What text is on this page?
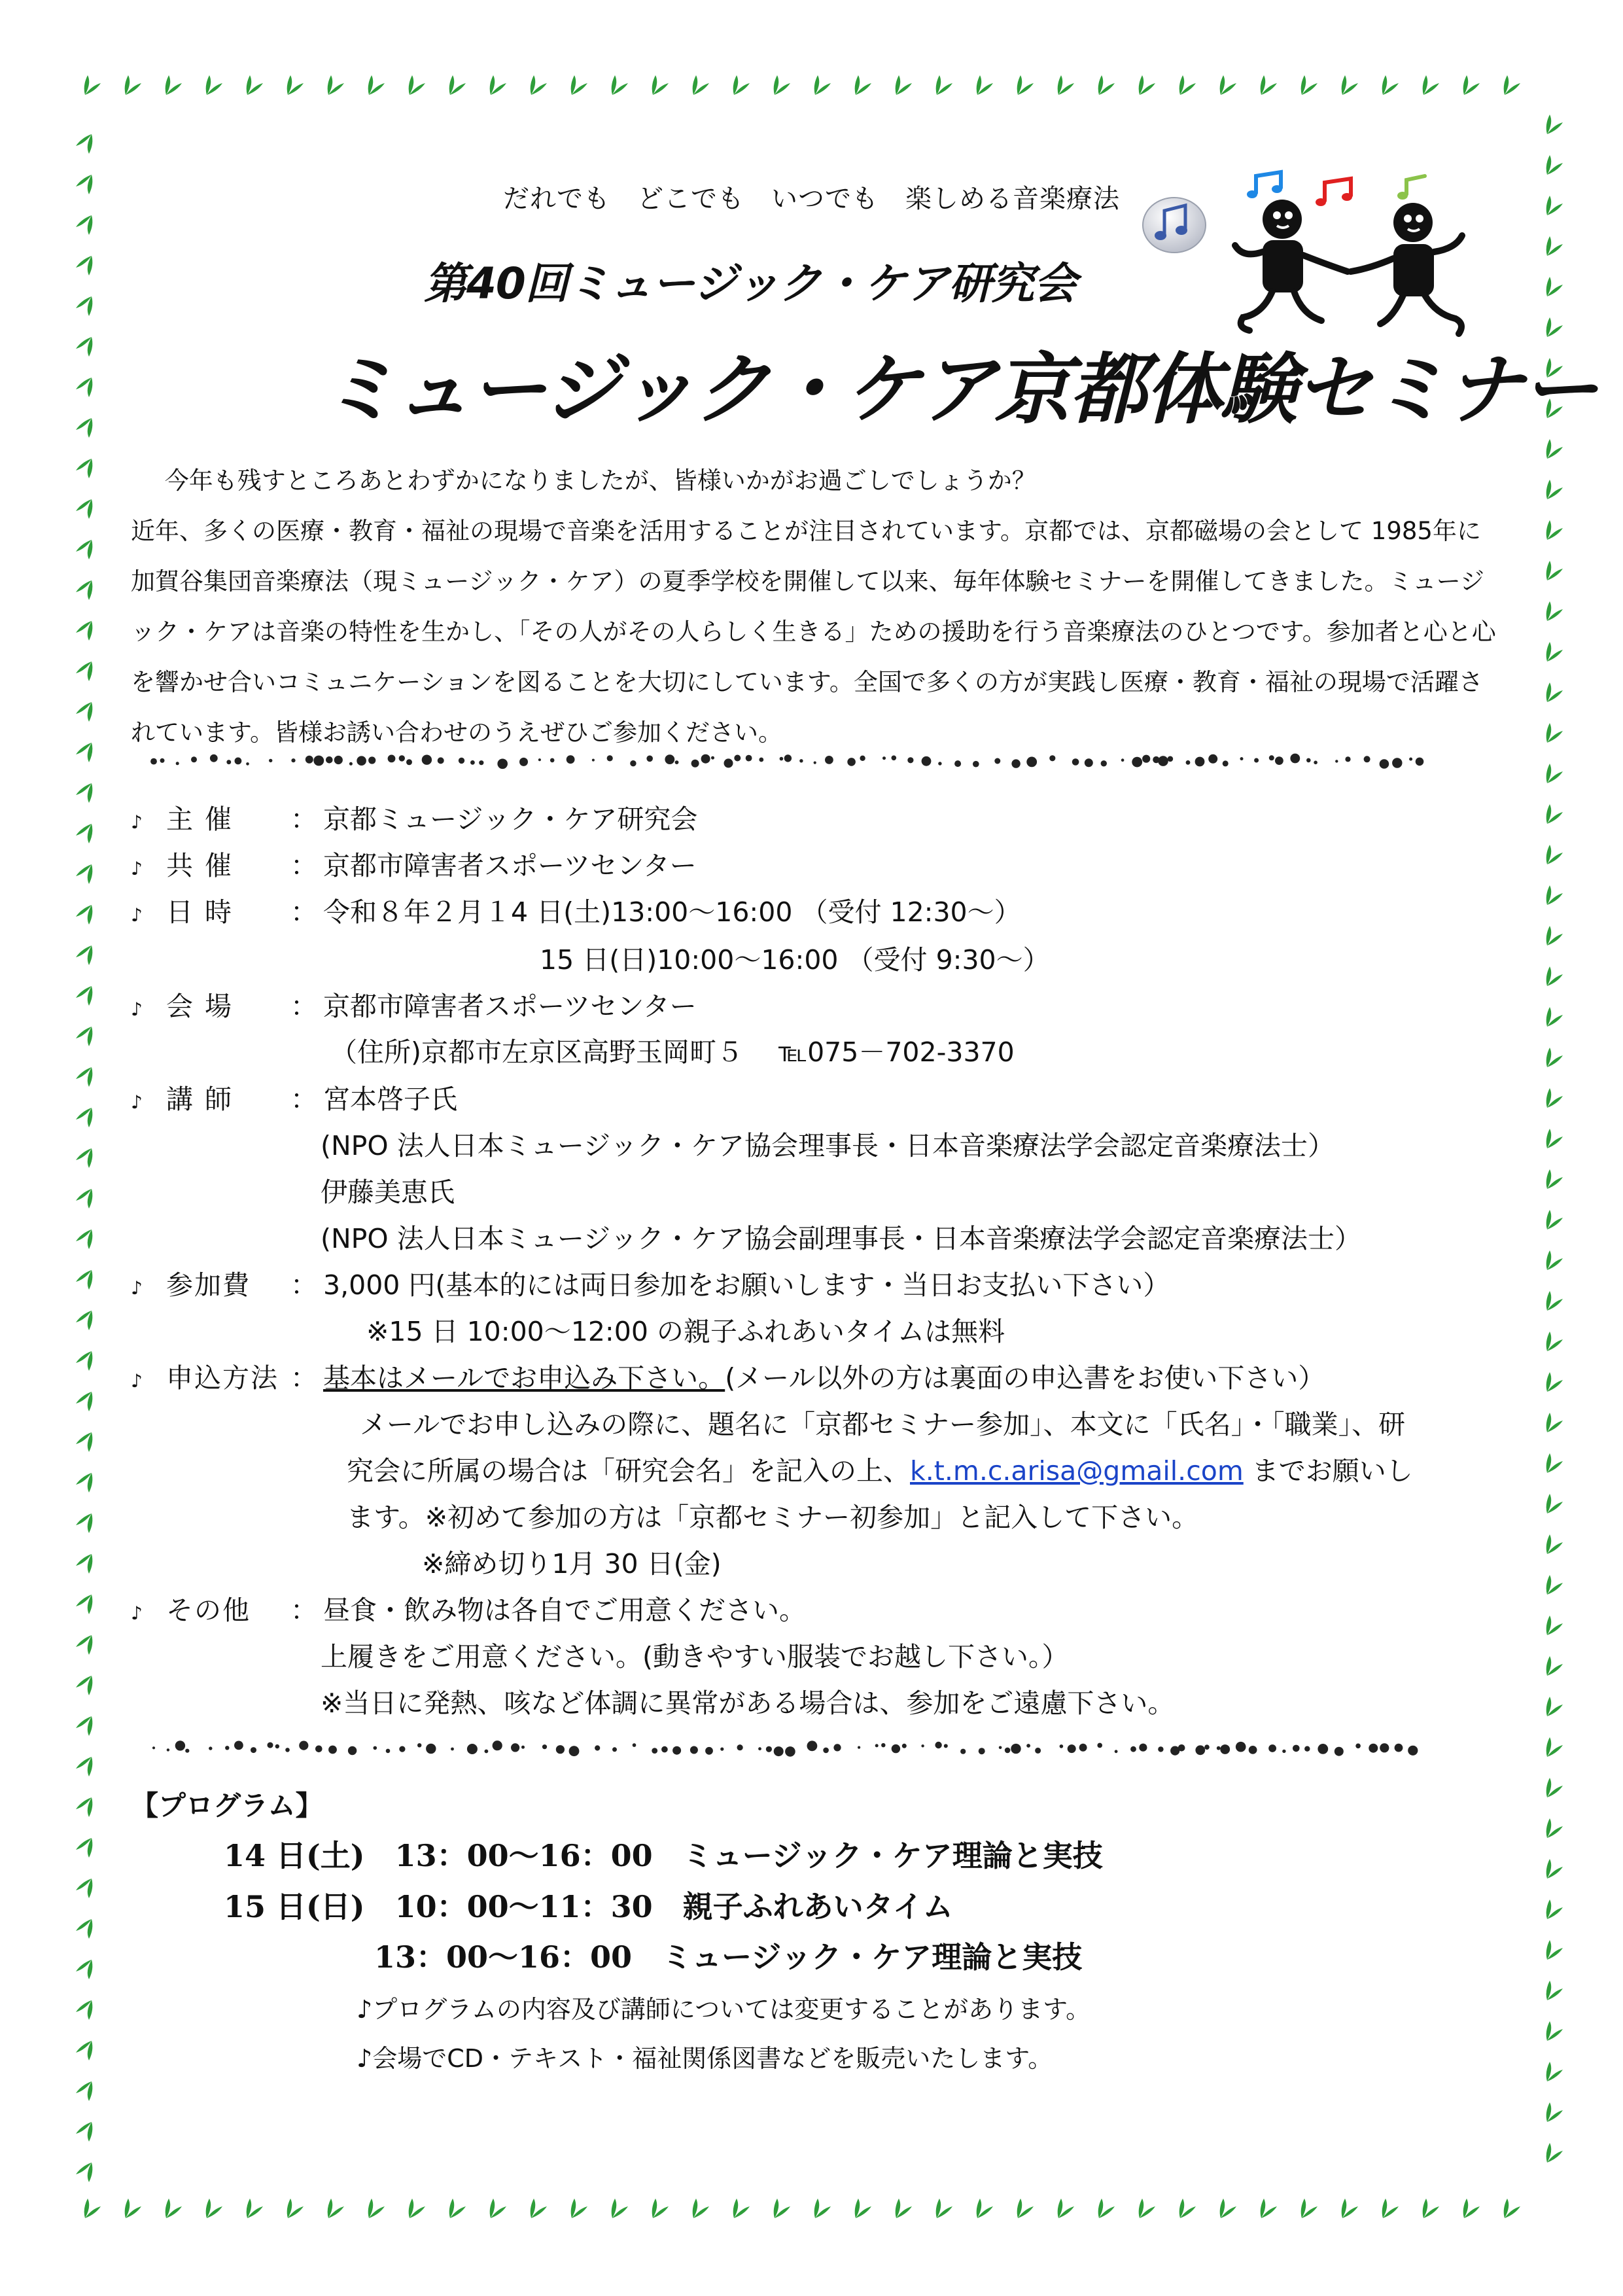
だれでも　どこでも　いつでも　楽しめる音楽療法
第40回ミュージック・ケア研究会
ミュージック・ケア京都体験セミナー

今年も残すところあとわずかになりましたが、皆様いかがお過ごしでしょうか？

近年、多くの医療・教育・福祉の現場で音楽を活用することが注目されています。京都では、京都磁場の会として 1985年に加賀谷集団音楽療法（現ミュージック・ケア）の夏季学校を開催して以来、毎年体験セミナーを開催してきました。ミュージック・ケアは音楽の特性を生かし、「その人がその人らしく生きる」ための援助を行う音楽療法のひとつです。参加者と心と心を響かせ合いコミュニケーションを図ることを大切にしています。全国で多くの方が実践し医療・教育・福祉の現場で活躍されています。皆様お誘い合わせのうえぜひご参加ください。

♪ 主催 ： 京都ミュージック・ケア研究会
♪ 共催 ： 京都市障害者スポーツセンター
♪ 日時 ： 令和８年２月１4 日(土)13:00～16:00 （受付 12:30～）
15 日(日)10:00～16:00 （受付 9:30～）
♪ 会場 ： 京都市障害者スポーツセンター
（住所)京都市左京区高野玉岡町５　 ℡075－702-3370
♪ 講師 ： 宮本啓子氏
(NPO 法人日本ミュージック・ケア協会理事長・日本音楽療法学会認定音楽療法士）
伊藤美恵氏
(NPO 法人日本ミュージック・ケア協会副理事長・日本音楽療法学会認定音楽療法士）
♪ 参加費 ： 3,000 円(基本的には両日参加をお願いします・当日お支払い下さい）
※15 日 10:00～12:00 の親子ふれあいタイムは無料
♪ 申込方法 ： 基本はメールでお申込み下さい。(メール以外の方は裏面の申込書をお使い下さい）
メールでお申し込みの際に、題名に「京都セミナー参加」、本文に「氏名」・「職業」、研
究会に所属の場合は「研究会名」を記入の上、k.t.m.c.arisa@gmail.com までお願いし
ます。※初めて参加の方は「京都セミナー初参加」と記入して下さい。
※締め切り1月 30 日(金)
♪ その他 ： 昼食・飲み物は各自でご用意ください。
上履きをご用意ください。(動きやすい服装でお越し下さい。）
※当日に発熱、咳など体調に異常がある場合は、参加をご遠慮下さい。
【プログラム】
14 日(土)　 13：00～16：00　 ミュージック・ケア理論と実技
15 日(日)　 10：00～11：30　 親子ふれあいタイム
13：00～16：00　 ミュージック・ケア理論と実技
♪プログラムの内容及び講師については変更することがあります。
♪会場でCD・テキスト・福祉関係図書などを販売いたします。
